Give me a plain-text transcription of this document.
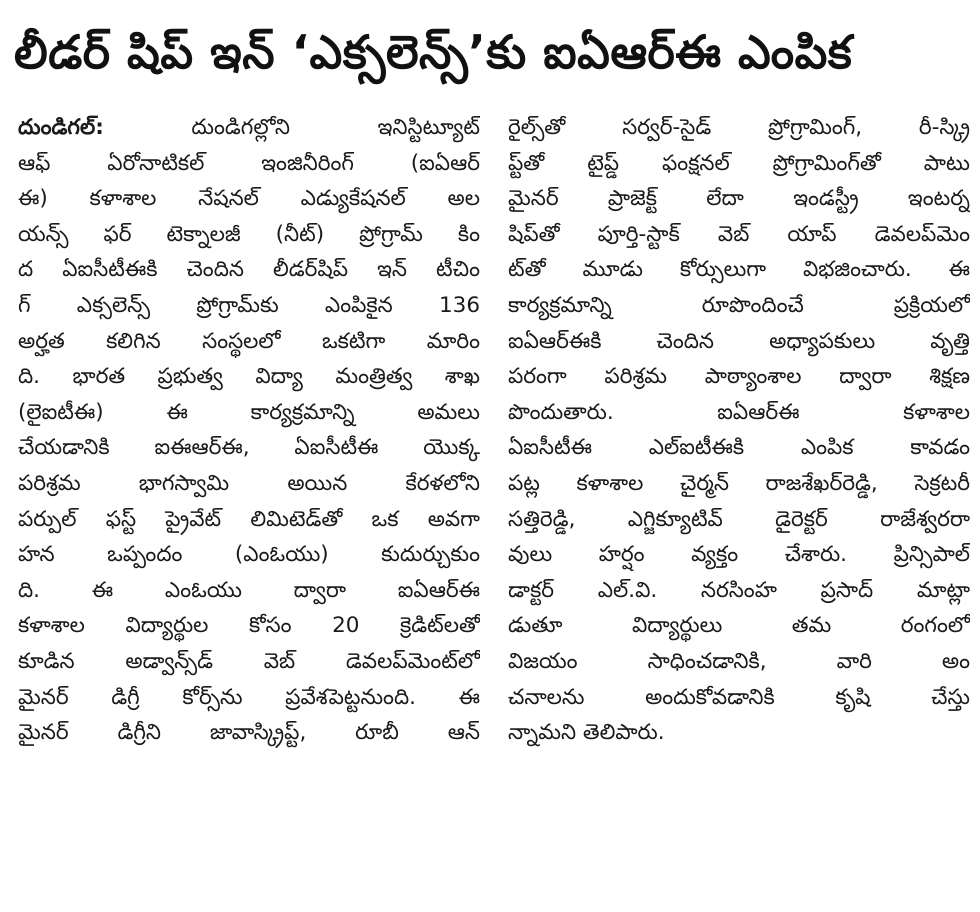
లీడర్ షిప్ ఇన్ ‘ఎక్సలెన్స్’కు ఐఏఆర్ఈ ఎంపిక
దుండిగల్: దుండిగల్లోని ఇనిస్టిట్యూట్
ఆఫ్ ఏరోనాటికల్ ఇంజినీరింగ్ (ఐఏఆర్
ఈ) కళాశాల నేషనల్ ఎడ్యుకేషనల్ అల
యన్స్ ఫర్ టెక్నాలజీ (నీట్) ప్రోగ్రామ్ కిం
ద ఏఐసీటీఈకి చెందిన లీడర్‌షిప్ ఇన్ టీచిం
గ్ ఎక్సలెన్స్ ప్రోగ్రామ్‌కు ఎంపికైన 136
అర్హత కలిగిన సంస్థలలో ఒకటిగా మారిం
ది. భారత ప్రభుత్వ విద్యా మంత్రిత్వ శాఖ
(లైఐటీఈ) ఈ కార్యక్రమాన్ని అమలు
చేయడానికి ఐఈఆర్ఈ, ఏఐసీటీఈ యొక్క
పరిశ్రమ భాగస్వామి అయిన కేరళలోని
పర్పుల్ ఫస్ట్ ప్రైవేట్ లిమిటెడ్‌తో ఒక అవగా
హన ఒప్పందం (ఎంఓయు) కుదుర్చుకుం
ది. ఈ ఎంఓయు ద్వారా ఐఏఆర్ఈ
కళాశాల విద్యార్థుల కోసం 20 క్రెడిట్‌లతో
కూడిన అడ్వాన్స్‌డ్ వెబ్ డెవలప్‌మెంట్‌లో
మైనర్ డిగ్రీ కోర్స్‌ను ప్రవేశపెట్టనుంది. ఈ
మైనర్ డిగ్రీని జావాస్క్రిప్ట్, రూబీ ఆన్
రైల్స్‌తో సర్వర్-సైడ్ ప్రోగ్రామింగ్, రీ-స్క్రి
ప్ట్‌తో టైప్డ్ ఫంక్షనల్ ప్రోగ్రామింగ్‌తో పాటు
మైనర్ ప్రాజెక్ట్ లేదా ఇండస్ట్రీ ఇంటర్న
షిప్‌తో పూర్తి-స్టాక్ వెబ్ యాప్ డెవలప్‌మెం
ట్‌తో మూడు కోర్సులుగా విభజించారు. ఈ
కార్యక్రమాన్ని రూపొందించే ప్రక్రియలో
ఐఏఆర్ఈకి చెందిన అధ్యాపకులు వృత్తి
పరంగా పరిశ్రమ పాఠ్యాంశాల ద్వారా శిక్షణ
పొందుతారు. ఐఏఆర్ఈ కళాశాల
ఏఐసీటీఈ ఎల్ఐటీఈకి ఎంపిక కావడం
పట్ల కళాశాల చైర్మన్ రాజశేఖర్‌రెడ్డి, సెక్రటరీ
సత్తిరెడ్డి, ఎగ్జిక్యూటివ్ డైరెక్టర్ రాజేశ్వరరా
వులు హర్షం వ్యక్తం చేశారు. ప్రిన్సిపాల్
డాక్టర్ ఎల్.వి. నరసింహ ప్రసాద్ మాట్లా
డుతూ విద్యార్థులు తమ రంగంలో
విజయం సాధించడానికి, వారి అం
చనాలను అందుకోవడానికి కృషి చేస్తు
న్నామని తెలిపారు.
